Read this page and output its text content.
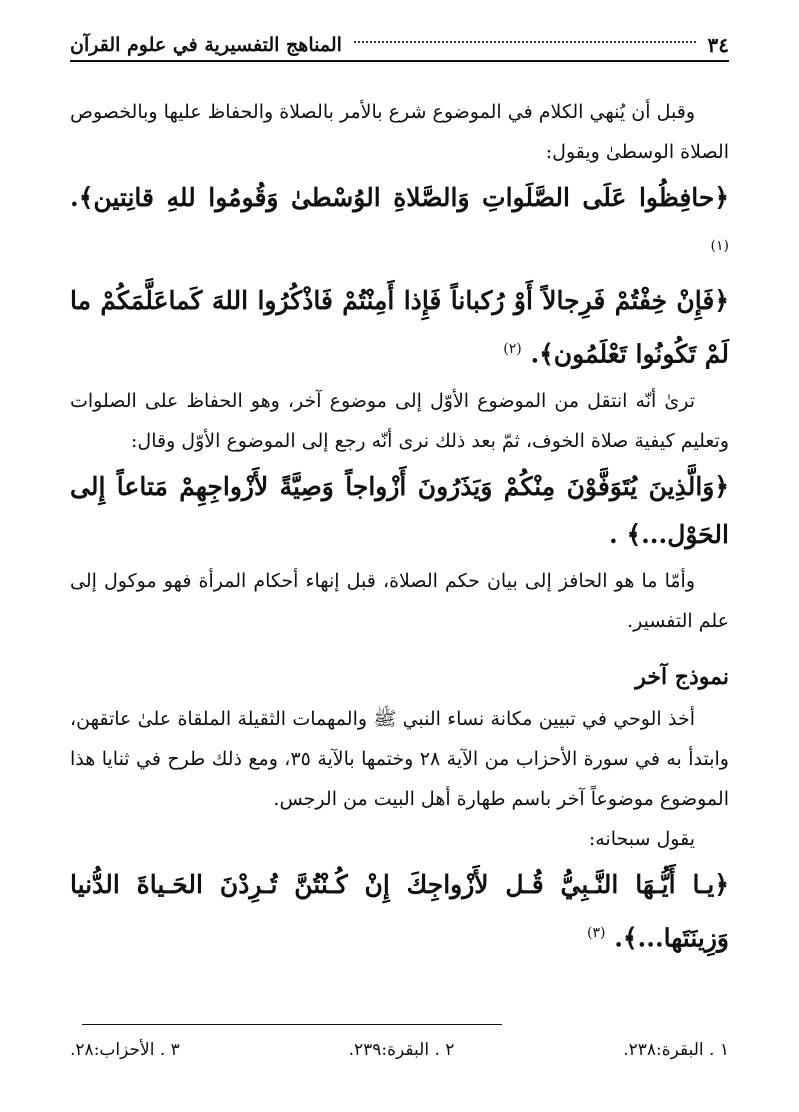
٣٤
المناهج التفسيرية في علوم القرآن

وقبل أن يُنهي الكلام في الموضوع شرع بالأمر بالصلاة والحفاظ عليها وبالخصوص الصلاة الوسطىٰ ويقول:

﴿حافِظُوا عَلَى الصَّلَواتِ وَالصَّلاةِ الوُسْطىٰ وَقُومُوا للهِ قانِتين﴾. $^{(١)}$

﴿فَإِنْ خِفْتُمْ فَرِجالاً أَوْ رُكباناً فَإِذا أَمِنْتُمْ فَاذْكُرُوا اللهَ كَماعَلَّمَكُمْ ما لَمْ تَكُونُوا تَعْلَمُون﴾. $^{(٢)}$

ترىٰ أنّه انتقل من الموضوع الأوّل إلى موضوع آخر، وهو الحفاظ على الصلوات وتعليم كيفية صلاة الخوف، ثمّ بعد ذلك نرى أنّه رجع إلى الموضوع الأوّل وقال:

﴿وَالَّذِينَ يُتَوَفَّوْنَ مِنْكُمْ وَيَذَرُونَ أَزْواجاً وَصِيَّةً لأَزْواجِهِمْ مَتاعاً إِلى الحَوْل...﴾ .

وأمّا ما هو الحافز إلى بيان حكم الصلاة، قبل إنهاء أحكام المرأة فهو موكول إلى علم التفسير.

نموذج آخر

أخذ الوحي في تبيين مكانة نساء النبي ﷺ والمهمات الثقيلة الملقاة علىٰ عاتقهن، وابتدأ به في سورة الأحزاب من الآية ٢٨ وختمها بالآية ٣٥، ومع ذلك طرح في ثنايا هذا الموضوع موضوعاً آخر باسم طهارة أهل البيت من الرجس.

يقول سبحانه:

﴿يـا أَيُّـهَا النَّـبِيُّ قُـل لأَزْواجِكَ إِنْ كُـنْتُنَّ تُـرِدْنَ الحَـياةَ الدُّنيا وَزِينَتَها...﴾. $^{(٣)}$

١ . البقرة:٢٣٨.
٢ . البقرة:٢٣٩.
٣ . الأحزاب:٢٨.
